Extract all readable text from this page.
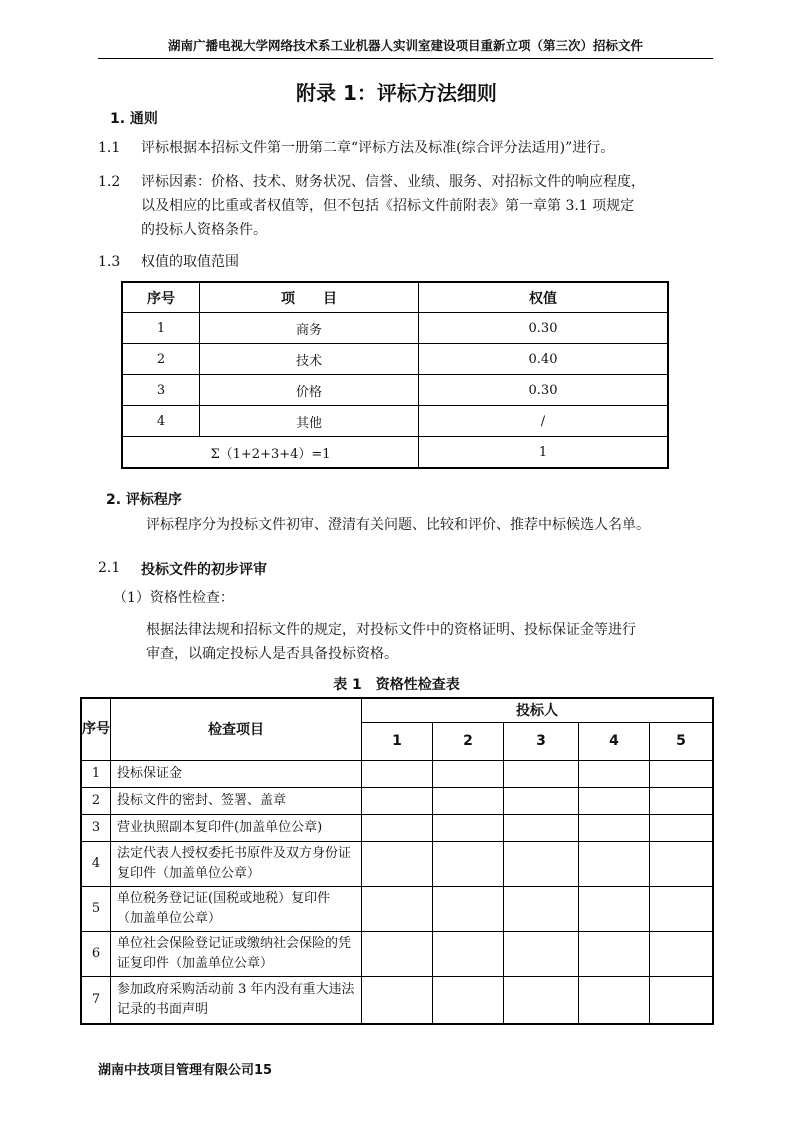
湖南广播电视大学网络技术系工业机器人实训室建设项目重新立项（第三次）招标文件
附录 1：评标方法细则
1. 通则
1.1 评标根据本招标文件第一册第二章“评标方法及标准(综合评分法适用)”进行。
1.2 评标因素：价格、技术、财务状况、信誉、业绩、服务、对招标文件的响应程度，
以及相应的比重或者权值等，但不包括《招标文件前附表》第一章第 3.1 项规定
的投标人资格条件。
1.3 权值的取值范围
序号	项　　目	权值
1	商务	0.30
2	技术	0.40
3	价格	0.30
4	其他	/
Σ（1+2+3+4）=1		1
2. 评标程序
评标程序分为投标文件初审、澄清有关问题、比较和评价、推荐中标候选人名单。
2.1 投标文件的初步评审
（1）资格性检查：
根据法律法规和招标文件的规定，对投标文件中的资格证明、投标保证金等进行
审查，以确定投标人是否具备投标资格。
表 1　资格性检查表
序号	检查项目	投标人				
		1	2	3	4	5
1	投标保证金					
2	投标文件的密封、签署、盖章					
3	营业执照副本复印件(加盖单位公章)					
4	法定代表人授权委托书原件及双方身份证复印件（加盖单位公章）					
5	单位税务登记证(国税或地税）复印件（加盖单位公章）					
6	单位社会保险登记证或缴纳社会保险的凭证复印件（加盖单位公章）					
7	参加政府采购活动前 3 年内没有重大违法记录的书面声明					
湖南中技项目管理有限公司15
